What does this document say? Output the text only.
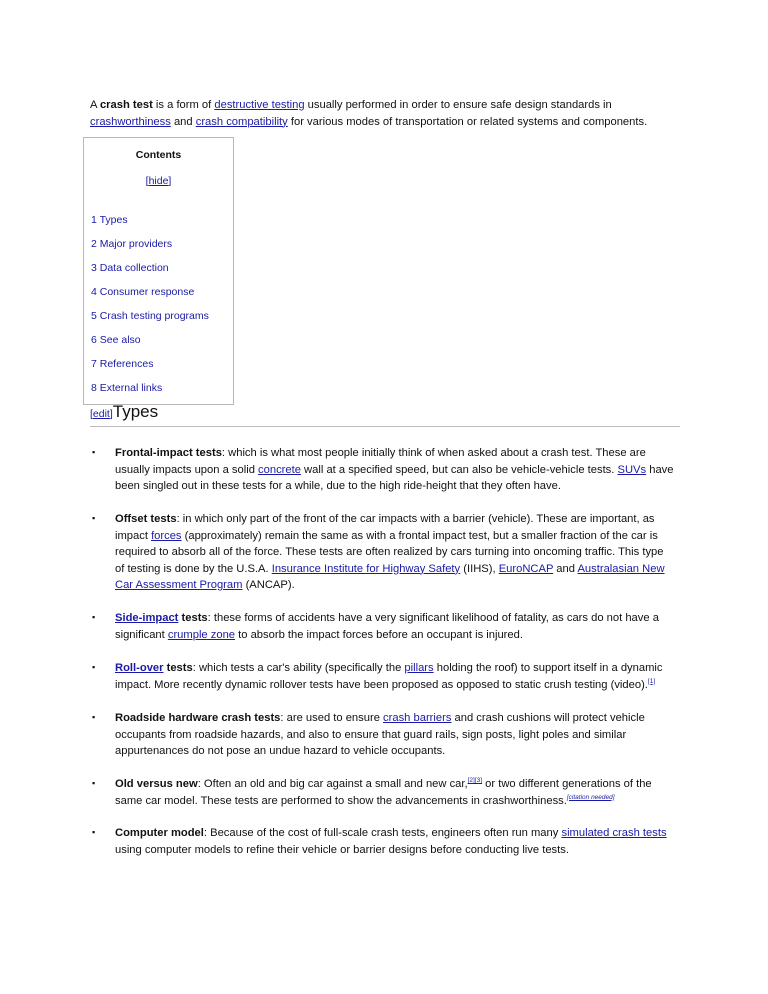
A crash test is a form of destructive testing usually performed in order to ensure safe design standards in crashworthiness and crash compatibility for various modes of transportation or related systems and components.
Contents
[hide]
1 Types
2 Major providers
3 Data collection
4 Consumer response
5 Crash testing programs
6 See also
7 References
8 External links
[edit]Types
▪ Frontal-impact tests: which is what most people initially think of when asked about a crash test. These are usually impacts upon a solid concrete wall at a specified speed, but can also be vehicle-vehicle tests. SUVs have been singled out in these tests for a while, due to the high ride-height that they often have.
▪ Offset tests: in which only part of the front of the car impacts with a barrier (vehicle). These are important, as impact forces (approximately) remain the same as with a frontal impact test, but a smaller fraction of the car is required to absorb all of the force. These tests are often realized by cars turning into oncoming traffic. This type of testing is done by the U.S.A. Insurance Institute for Highway Safety (IIHS), EuroNCAP and Australasian New Car Assessment Program (ANCAP).
▪ Side-impact tests: these forms of accidents have a very significant likelihood of fatality, as cars do not have a significant crumple zone to absorb the impact forces before an occupant is injured.
▪ Roll-over tests: which tests a car's ability (specifically the pillars holding the roof) to support itself in a dynamic impact. More recently dynamic rollover tests have been proposed as opposed to static crush testing (video).[1]
▪ Roadside hardware crash tests: are used to ensure crash barriers and crash cushions will protect vehicle occupants from roadside hazards, and also to ensure that guard rails, sign posts, light poles and similar appurtenances do not pose an undue hazard to vehicle occupants.
▪ Old versus new: Often an old and big car against a small and new car,[2][3] or two different generations of the same car model. These tests are performed to show the advancements in crashworthiness.[citation needed]
▪ Computer model: Because of the cost of full-scale crash tests, engineers often run many simulated crash tests using computer models to refine their vehicle or barrier designs before conducting live tests.
